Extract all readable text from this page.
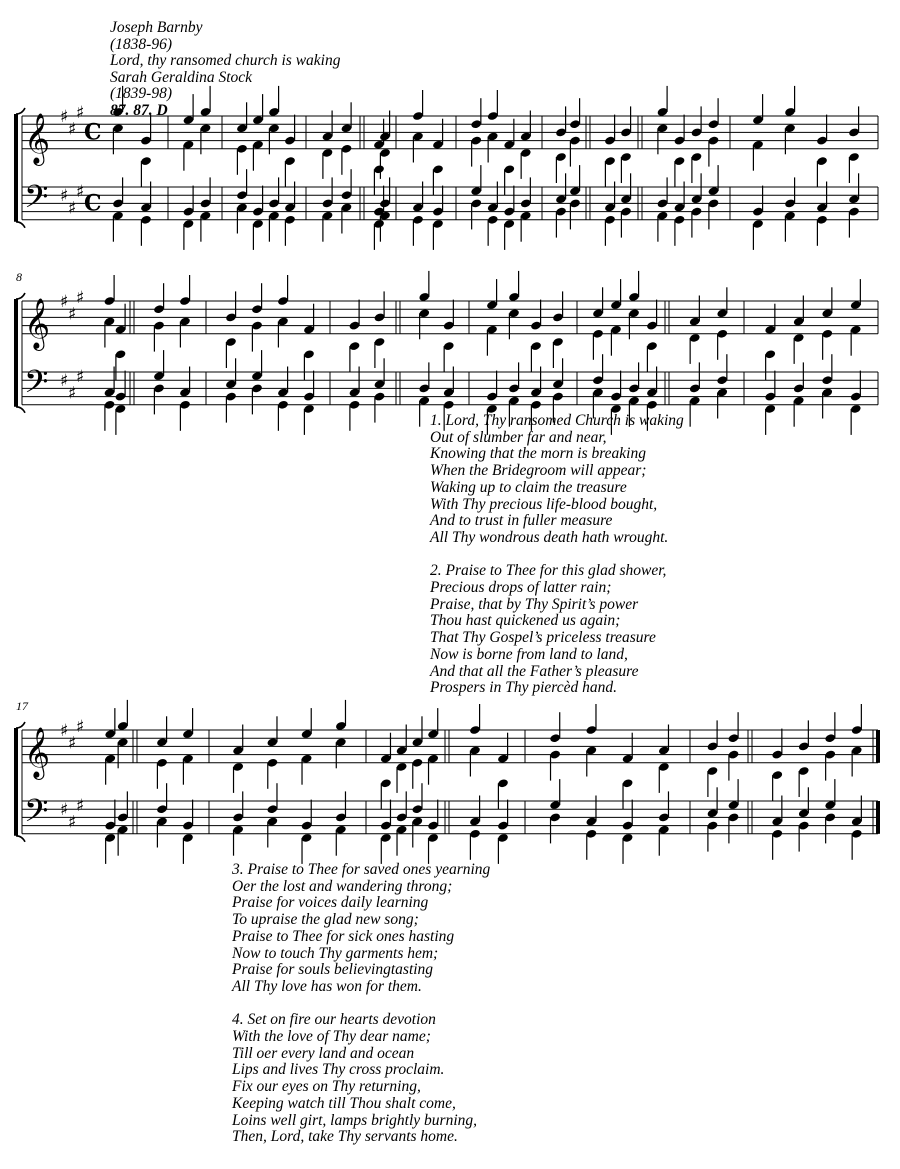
𝄞
𝄢
♯
♯
♯
♯
♯
♯
C
C
𝄞
𝄢
♯
♯
♯
♯
♯
♯
8
𝄞
𝄢
♯
♯
♯
♯
♯
♯
17
Joseph Barnby
(1838-96)
Lord, thy ransomed church is waking
Sarah Geraldina Stock
(1839-98)
87. 87. D
1. Lord, Thy ransomed Church is waking
Out of slumber far and near,
Knowing that the morn is breaking
When the Bridegroom will appear;
Waking up to claim the treasure
With Thy precious life-blood bought,
And to trust in fuller measure
All Thy wondrous death hath wrought.
2. Praise to Thee for this glad shower,
Precious drops of latter rain;
Praise, that by Thy Spirit’s power
Thou hast quickened us again;
That Thy Gospel’s priceless treasure
Now is borne from land to land,
And that all the Father’s pleasure
Prospers in Thy piercèd hand.
3. Praise to Thee for saved ones yearning
Oer the lost and wandering throng;
Praise for voices daily learning
To upraise the glad new song;
Praise to Thee for sick ones hasting
Now to touch Thy garments hem;
Praise for souls believingtasting
All Thy love has won for them.
4. Set on fire our hearts devotion
With the love of Thy dear name;
Till oer every land and ocean
Lips and lives Thy cross proclaim.
Fix our eyes on Thy returning,
Keeping watch till Thou shalt come,
Loins well girt, lamps brightly burning,
Then, Lord, take Thy servants home.
